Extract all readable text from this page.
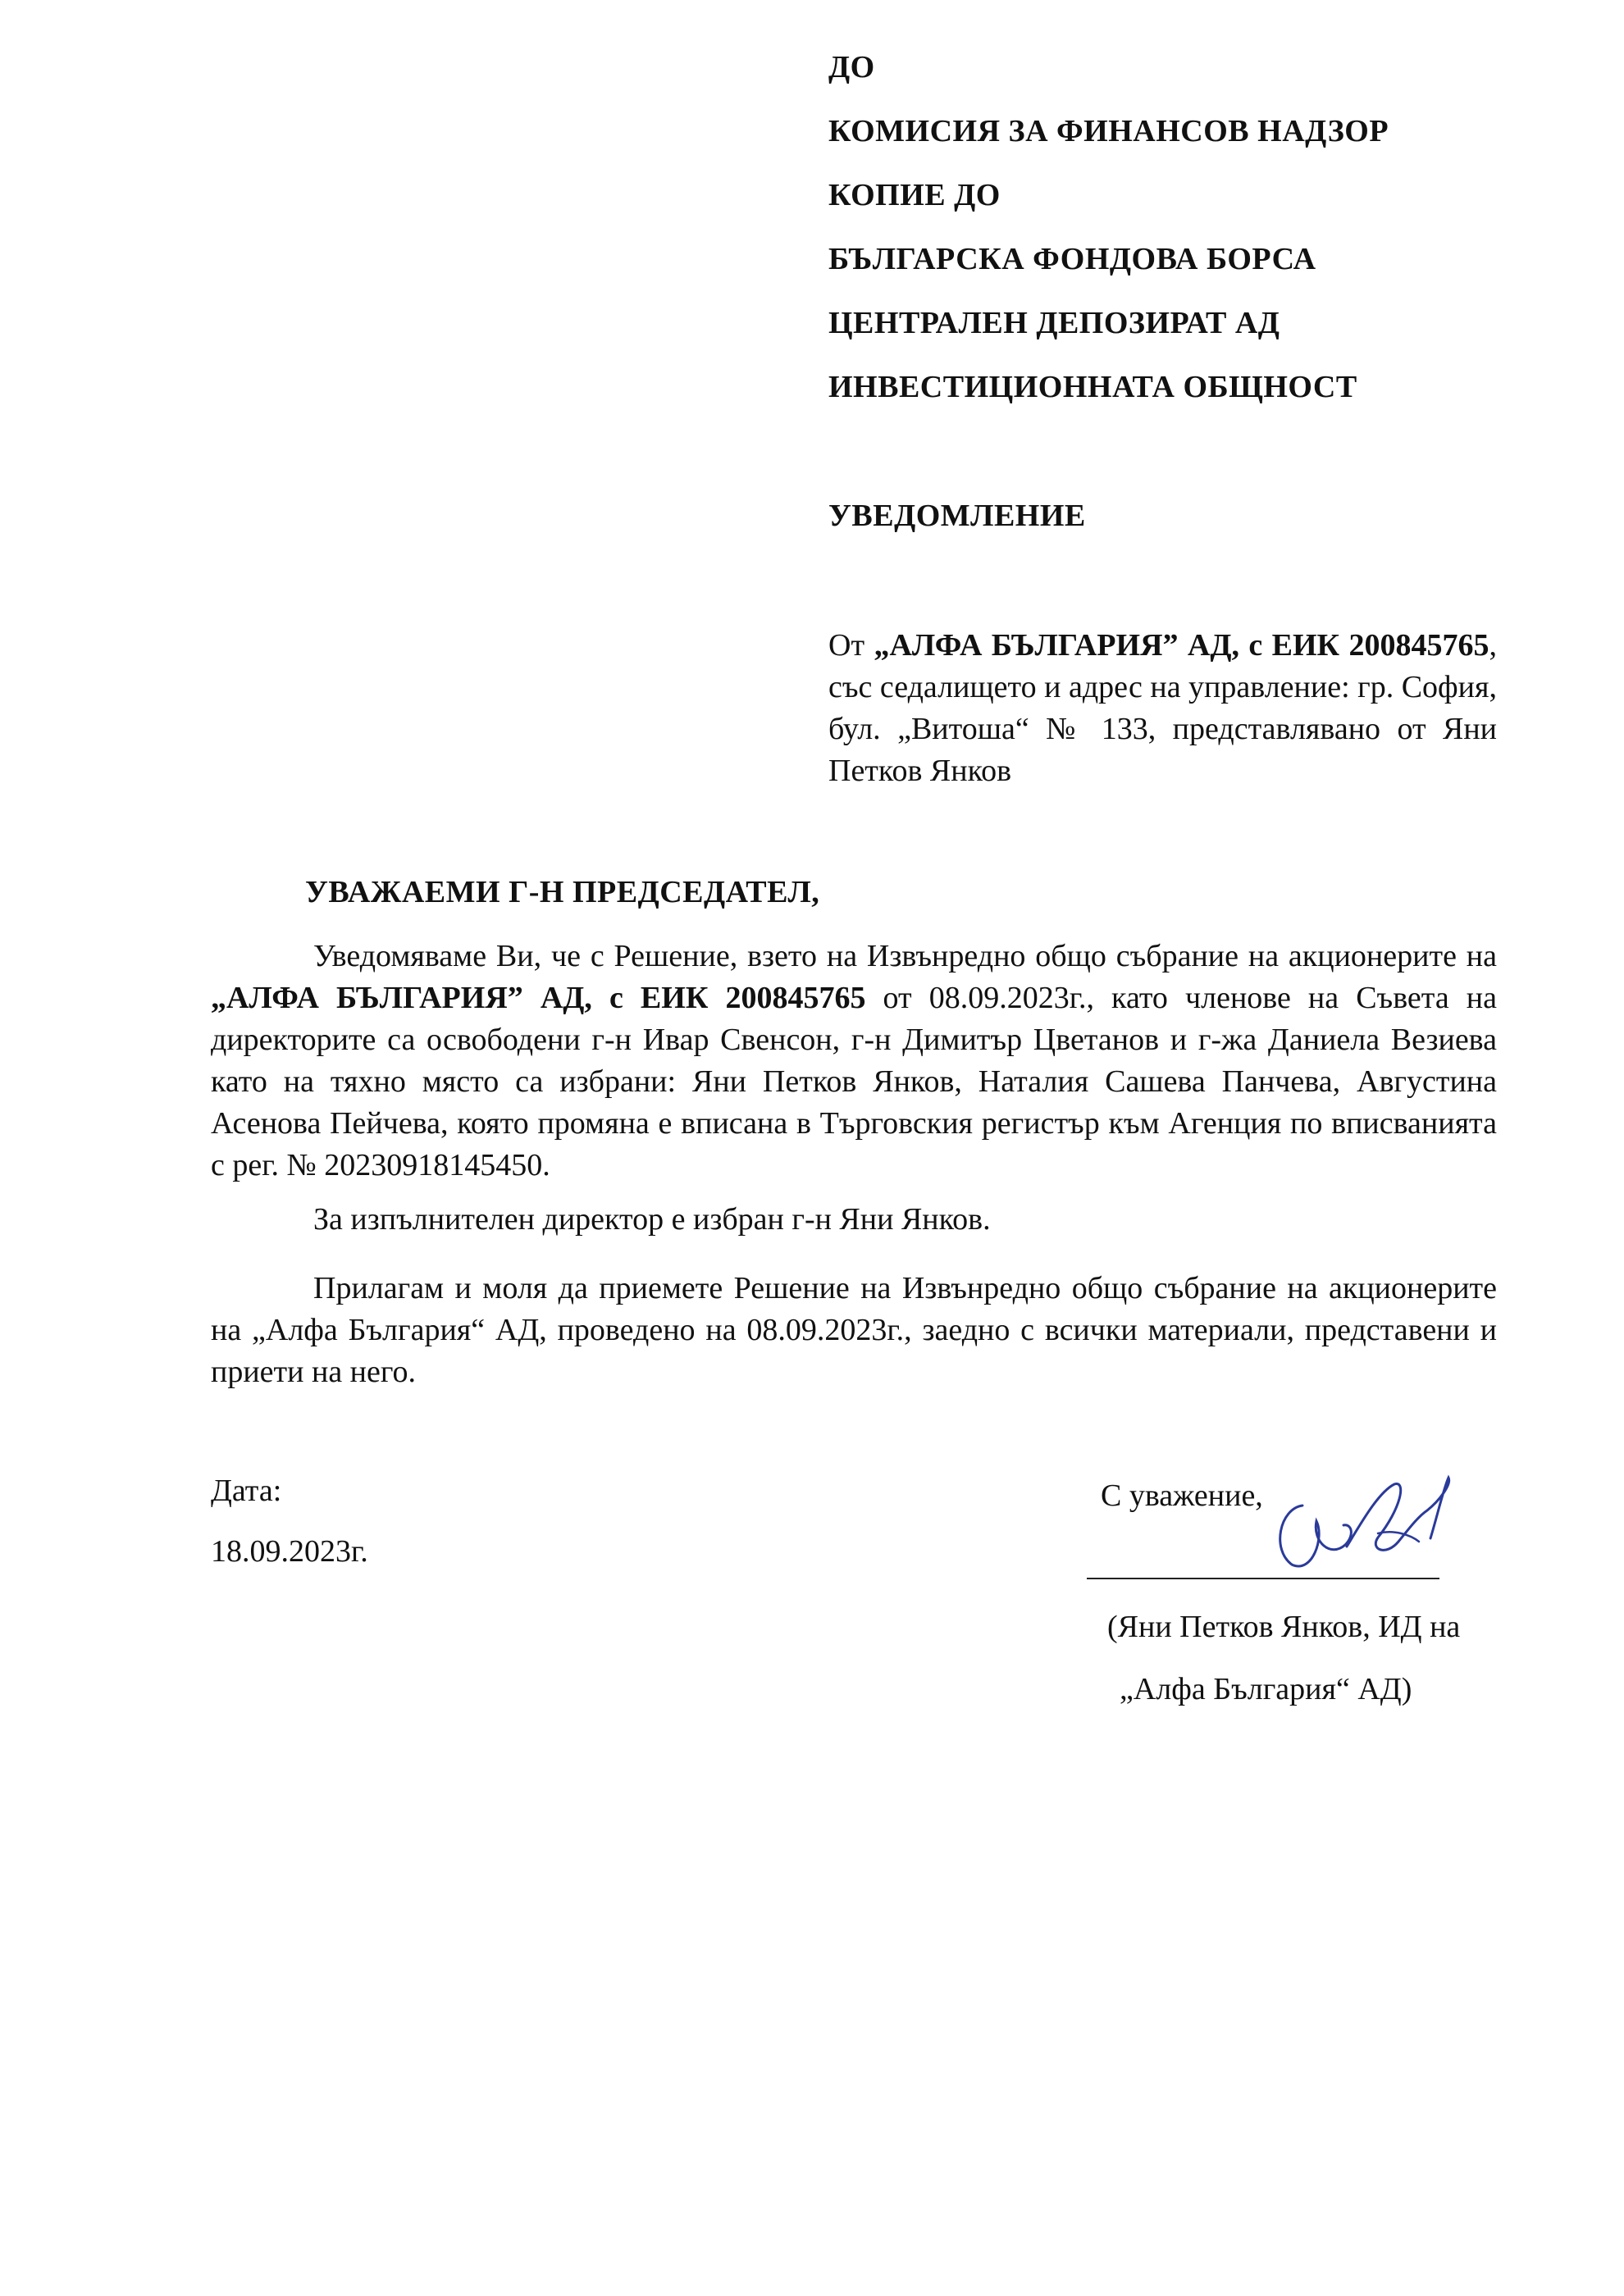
ДО
КОМИСИЯ ЗА ФИНАНСОВ НАДЗОР
КОПИЕ ДО
БЪЛГАРСКА ФОНДОВА БОРСА
ЦЕНТРАЛЕН ДЕПОЗИРАТ АД
ИНВЕСТИЦИОННАТА ОБЩНОСТ
УВЕДОМЛЕНИЕ
От „АЛФА БЪЛГАРИЯ” АД, с ЕИК 200845765, със седалището и адрес на управление: гр. София, бул. „Витоша“ № 133, представлявано от Яни Петков Янков
УВАЖАЕМИ Г-Н ПРЕДСЕДАТЕЛ,
Уведомяваме Ви, че с Решение, взето на Извънредно общо събрание на акционерите на „АЛФА БЪЛГАРИЯ” АД, с ЕИК 200845765 от 08.09.2023г., като членове на Съвета на директорите са освободени г-н Ивар Свенсон, г-н Димитър Цветанов и г-жа Даниела Везиева като на тяхно място са избрани: Яни Петков Янков, Наталия Сашева Панчева, Августина Асенова Пейчева, която промяна е вписана в Търговския регистър към Агенция по вписванията с рег. № 20230918145450.
За изпълнителен директор е избран г-н Яни Янков.
Прилагам и моля да приемете Решение на Извънредно общо събрание на акционерите на „Алфа България“ АД, проведено на 08.09.2023г., заедно с всички материали, представени и приети на него.
Дата:
18.09.2023г.
С уважение,
(Яни Петков Янков, ИД на
„Алфа България“ АД)
